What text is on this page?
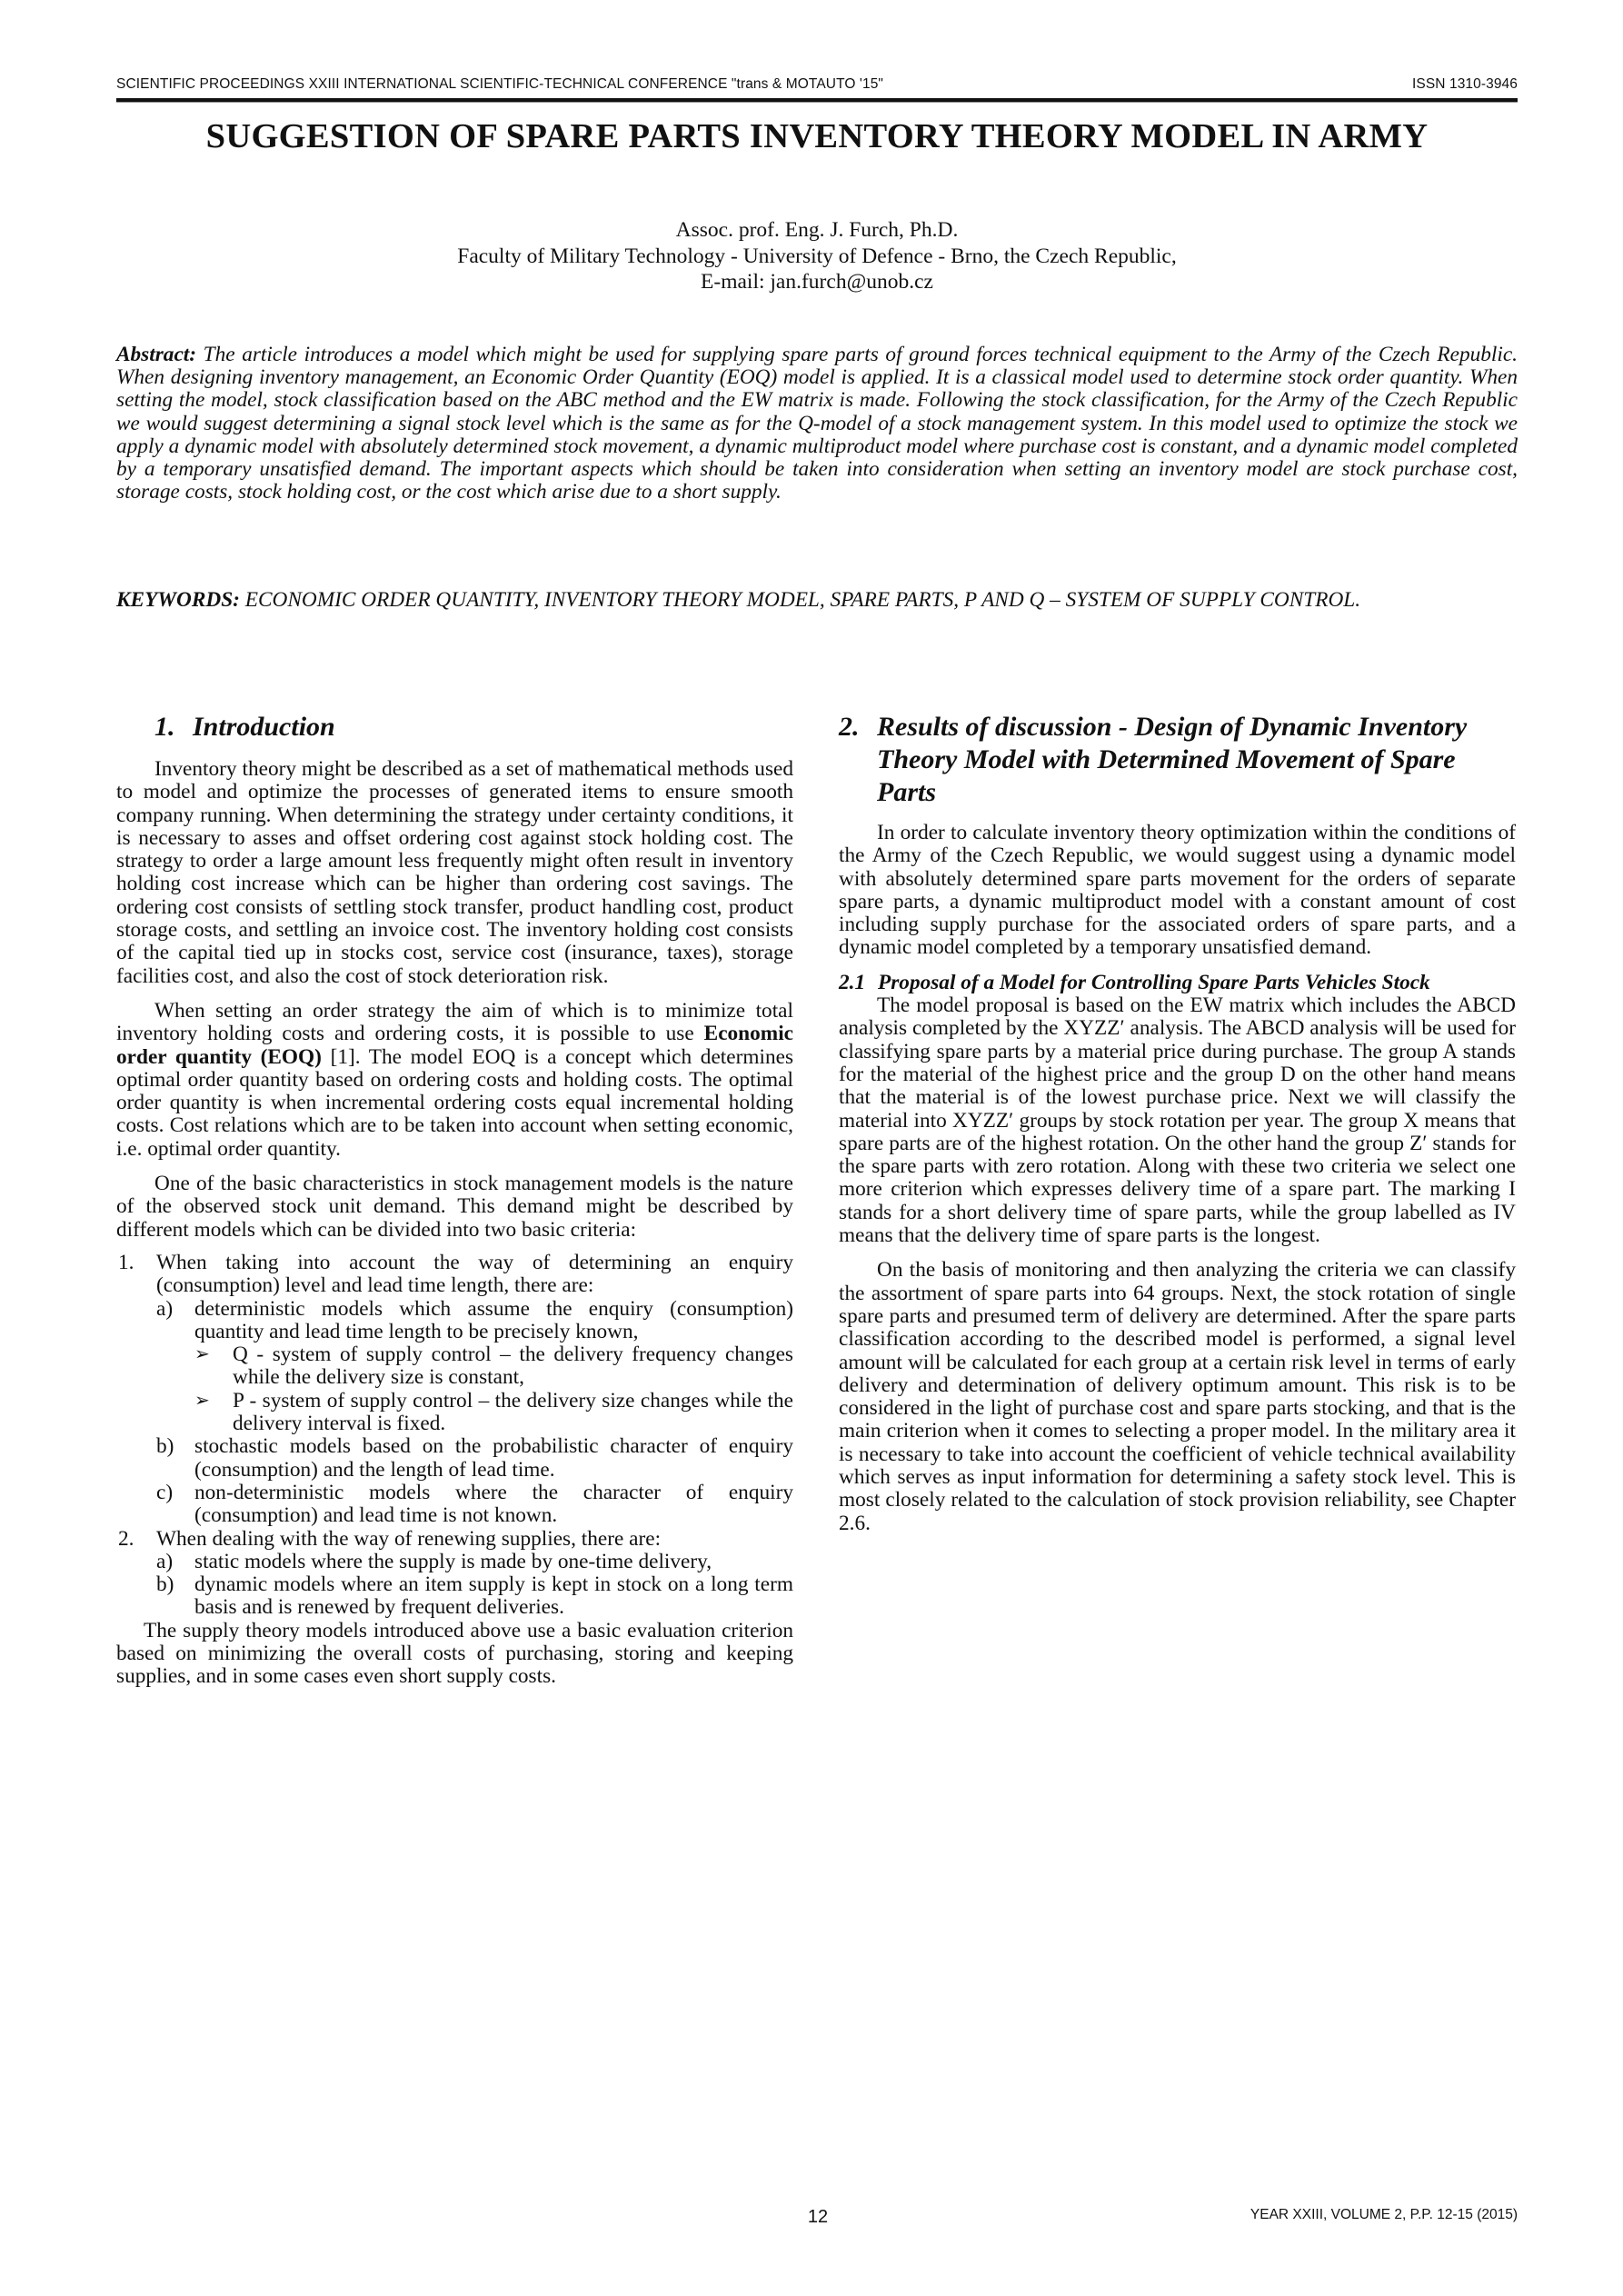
SCIENTIFIC PROCEEDINGS XXIII INTERNATIONAL SCIENTIFIC-TECHNICAL CONFERENCE "trans & MOTAUTO '15"	ISSN 1310-3946
SUGGESTION OF SPARE PARTS INVENTORY THEORY MODEL IN ARMY
Assoc. prof. Eng. J. Furch, Ph.D.
Faculty of Military Technology - University of Defence - Brno, the Czech Republic,
E-mail: jan.furch@unob.cz
Abstract: The article introduces a model which might be used for supplying spare parts of ground forces technical equipment to the Army of the Czech Republic. When designing inventory management, an Economic Order Quantity (EOQ) model is applied. It is a classical model used to determine stock order quantity. When setting the model, stock classification based on the ABC method and the EW matrix is made. Following the stock classification, for the Army of the Czech Republic we would suggest determining a signal stock level which is the same as for the Q-model of a stock management system. In this model used to optimize the stock we apply a dynamic model with absolutely determined stock movement, a dynamic multiproduct model where purchase cost is constant, and a dynamic model completed by a temporary unsatisfied demand. The important aspects which should be taken into consideration when setting an inventory model are stock purchase cost, storage costs, stock holding cost, or the cost which arise due to a short supply.
KEYWORDS: ECONOMIC ORDER QUANTITY, INVENTORY THEORY MODEL, SPARE PARTS, P AND Q – SYSTEM OF SUPPLY CONTROL.
1. Introduction

Inventory theory might be described as a set of mathematical methods used to model and optimize the processes of generated items to ensure smooth company running. When determining the strategy under certainty conditions, it is necessary to asses and offset ordering cost against stock holding cost. The strategy to order a large amount less frequently might often result in inventory holding cost increase which can be higher than ordering cost savings. The ordering cost consists of settling stock transfer, product handling cost, product storage costs, and settling an invoice cost. The inventory holding cost consists of the capital tied up in stocks cost, service cost (insurance, taxes), storage facilities cost, and also the cost of stock deterioration risk.

When setting an order strategy the aim of which is to minimize total inventory holding costs and ordering costs, it is possible to use Economic order quantity (EOQ) [1]. The model EOQ is a concept which determines optimal order quantity based on ordering costs and holding costs. The optimal order quantity is when incremental ordering costs equal incremental holding costs. Cost relations which are to be taken into account when setting economic, i.e. optimal order quantity.

One of the basic characteristics in stock management models is the nature of the observed stock unit demand. This demand might be described by different models which can be divided into two basic criteria:

1.	When taking into account the way of determining an enquiry (consumption) level and lead time length, there are:
a)	deterministic models which assume the enquiry (consumption) quantity and lead time length to be precisely known,
➢	Q - system of supply control – the delivery frequency changes while the delivery size is constant,
➢	P - system of supply control – the delivery size changes while the delivery interval is fixed.
b) stochastic models based on the probabilistic character of enquiry (consumption) and the length of lead time.
c)	non-deterministic models where the character of enquiry (consumption) and lead time is not known.
2.	When dealing with the way of renewing supplies, there are:
a)	static models where the supply is made by one-time delivery,
b) dynamic models where an item supply is kept in stock on a long term basis and is renewed by frequent deliveries.

The supply theory models introduced above use a basic evaluation criterion based on minimizing the overall costs of purchasing, storing and keeping supplies, and in some cases even short supply costs.

2. Results of discussion - Design of Dynamic Inventory Theory Model with Determined Movement of Spare Parts

In order to calculate inventory theory optimization within the conditions of the Army of the Czech Republic, we would suggest using a dynamic model with absolutely determined spare parts movement for the orders of separate spare parts, a dynamic multiproduct model with a constant amount of cost including supply purchase for the associated orders of spare parts, and a dynamic model completed by a temporary unsatisfied demand.

2.1 Proposal of a Model for Controlling Spare Parts Vehicles Stock

The model proposal is based on the EW matrix which includes the ABCD analysis completed by the XYZZ′ analysis. The ABCD analysis will be used for classifying spare parts by a material price during purchase. The group A stands for the material of the highest price and the group D on the other hand means that the material is of the lowest purchase price. Next we will classify the material into XYZZ′ groups by stock rotation per year. The group X means that spare parts are of the highest rotation. On the other hand the group Z′ stands for the spare parts with zero rotation. Along with these two criteria we select one more criterion which expresses delivery time of a spare part. The marking I stands for a short delivery time of spare parts, while the group labelled as IV means that the delivery time of spare parts is the longest.

On the basis of monitoring and then analyzing the criteria we can classify the assortment of spare parts into 64 groups. Next, the stock rotation of single spare parts and presumed term of delivery are determined. After the spare parts classification according to the described model is performed, a signal level amount will be calculated for each group at a certain risk level in terms of early delivery and determination of delivery optimum amount. This risk is to be considered in the light of purchase cost and spare parts stocking, and that is the main criterion when it comes to selecting a proper model. In the military area it is necessary to take into account the coefficient of vehicle technical availability which serves as input information for determining a safety stock level. This is most closely related to the calculation of stock provision reliability, see Chapter 2.6.

12	YEAR XXIII, VOLUME 2, P.P. 12-15 (2015)
